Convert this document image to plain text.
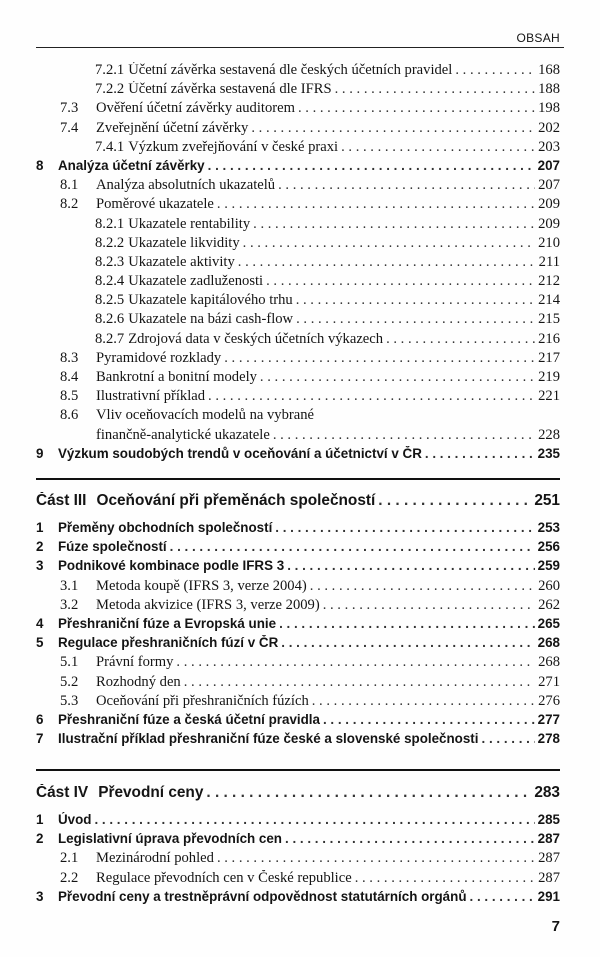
OBSAH
7.2.1 Účetní závěrka sestavená dle českých účetních pravidel . . .	168
7.2.2 Účetní závěrka sestavená dle IFRS . . .	188
7.3	Ověření účetní závěrky auditorem . . .	198
7.4	Zveřejnění účetní závěrky . . .	202
7.4.1 Výzkum zveřejňování v české praxi . . .	203
8	Analýza účetní závěrky . . .	207
8.1	Analýza absolutních ukazatelů . . .	207
8.2	Poměrové ukazatele . . .	209
8.2.1 Ukazatele rentability . . .	209
8.2.2 Ukazatele likvidity . . .	210
8.2.3 Ukazatele aktivity . . .	211
8.2.4 Ukazatele zadluženosti . . .	212
8.2.5 Ukazatele kapitálového trhu . . .	214
8.2.6 Ukazatele na bázi cash-flow . . .	215
8.2.7 Zdrojová data v českých účetních výkazech . . .	216
8.3	Pyramidové rozklady . . .	217
8.4	Bankrotní a bonitní modely . . .	219
8.5	Ilustrativní příklad . . .	221
8.6	Vliv oceňovacích modelů na vybrané
finančně-analytické ukazatele . . .	228
9	Výzkum soudobých trendů v oceňování a účetnictví v ČR . . .	235
Část III Oceňování při přeměnách společností . . .	251
1	Přeměny obchodních společností . . .	253
2	Fúze společností . . .	256
3	Podnikové kombinace podle IFRS 3 . . .	259
3.1	Metoda koupě (IFRS 3, verze 2004) . . .	260
3.2	Metoda akvizice (IFRS 3, verze 2009) . . .	262
4	Přeshraniční fúze a Evropská unie . . .	265
5	Regulace přeshraničních fúzí v ČR . . .	268
5.1	Právní formy . . .	268
5.2	Rozhodný den . . .	271
5.3	Oceňování při přeshraničních fúzích . . .	276
6	Přeshraniční fúze a česká účetní pravidla . . .	277
7	Ilustrační příklad přeshraniční fúze české a slovenské společnosti . . .	278
Část IV Převodní ceny . . .	283
1	Úvod . . .	285
2	Legislativní úprava převodních cen . . .	287
2.1	Mezinárodní pohled . . .	287
2.2	Regulace převodních cen v České republice . . .	287
3	Převodní ceny a trestněprávní odpovědnost statutárních orgánů . . .	291
7
